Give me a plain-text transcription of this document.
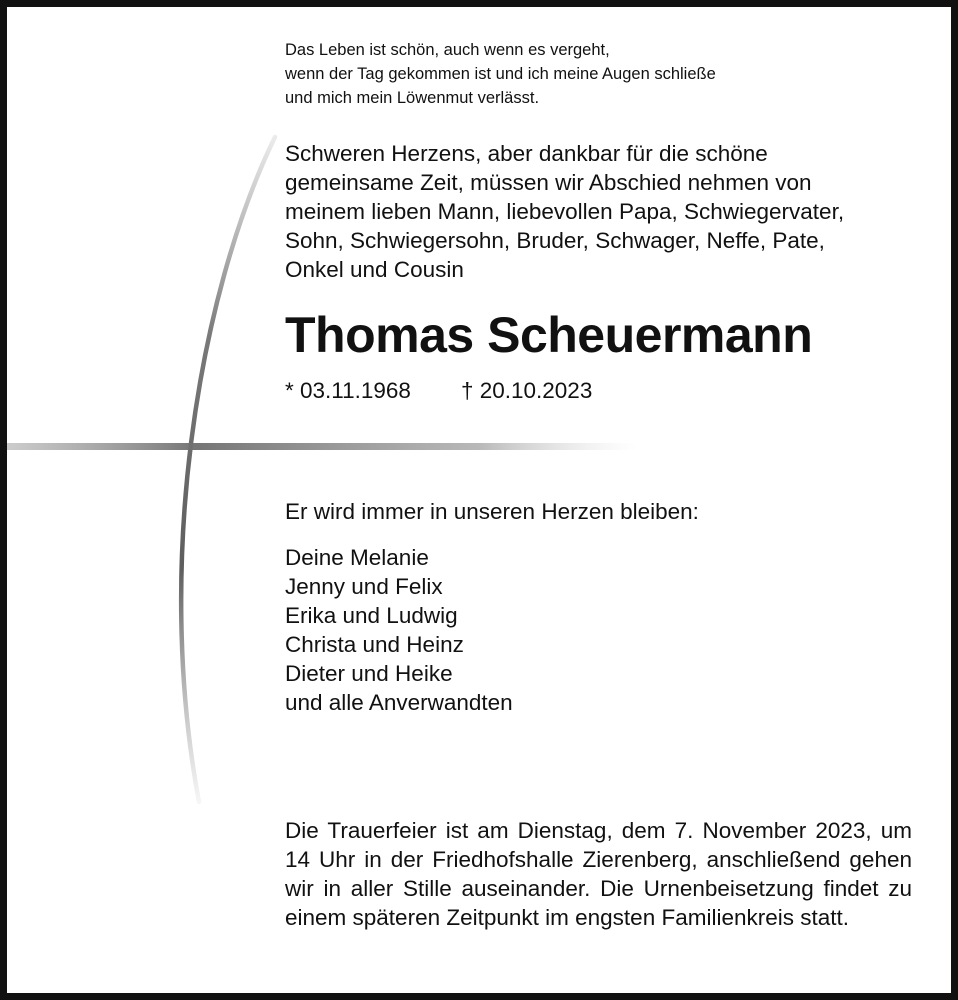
Das Leben ist schön, auch wenn es vergeht,
wenn der Tag gekommen ist und ich meine Augen schließe
und mich mein Löwenmut verlässt.
Schweren Herzens, aber dankbar für die schöne
gemeinsame Zeit, müssen wir Abschied nehmen von
meinem lieben Mann, liebevollen Papa, Schwiegervater,
Sohn, Schwiegersohn, Bruder, Schwager, Neffe, Pate,
Onkel und Cousin
Thomas Scheuermann
* 03.11.1968 † 20.10.2023
Er wird immer in unseren Herzen bleiben:
Deine Melanie
Jenny und Felix
Erika und Ludwig
Christa und Heinz
Dieter und Heike
und alle Anverwandten
Die Trauerfeier ist am Dienstag, dem 7. November 2023, um 14 Uhr in der Friedhofshalle Zierenberg, anschließend gehen wir in aller Stille auseinander. Die Urnenbeisetzung findet zu einem späteren Zeitpunkt im engsten Familienkreis statt.
